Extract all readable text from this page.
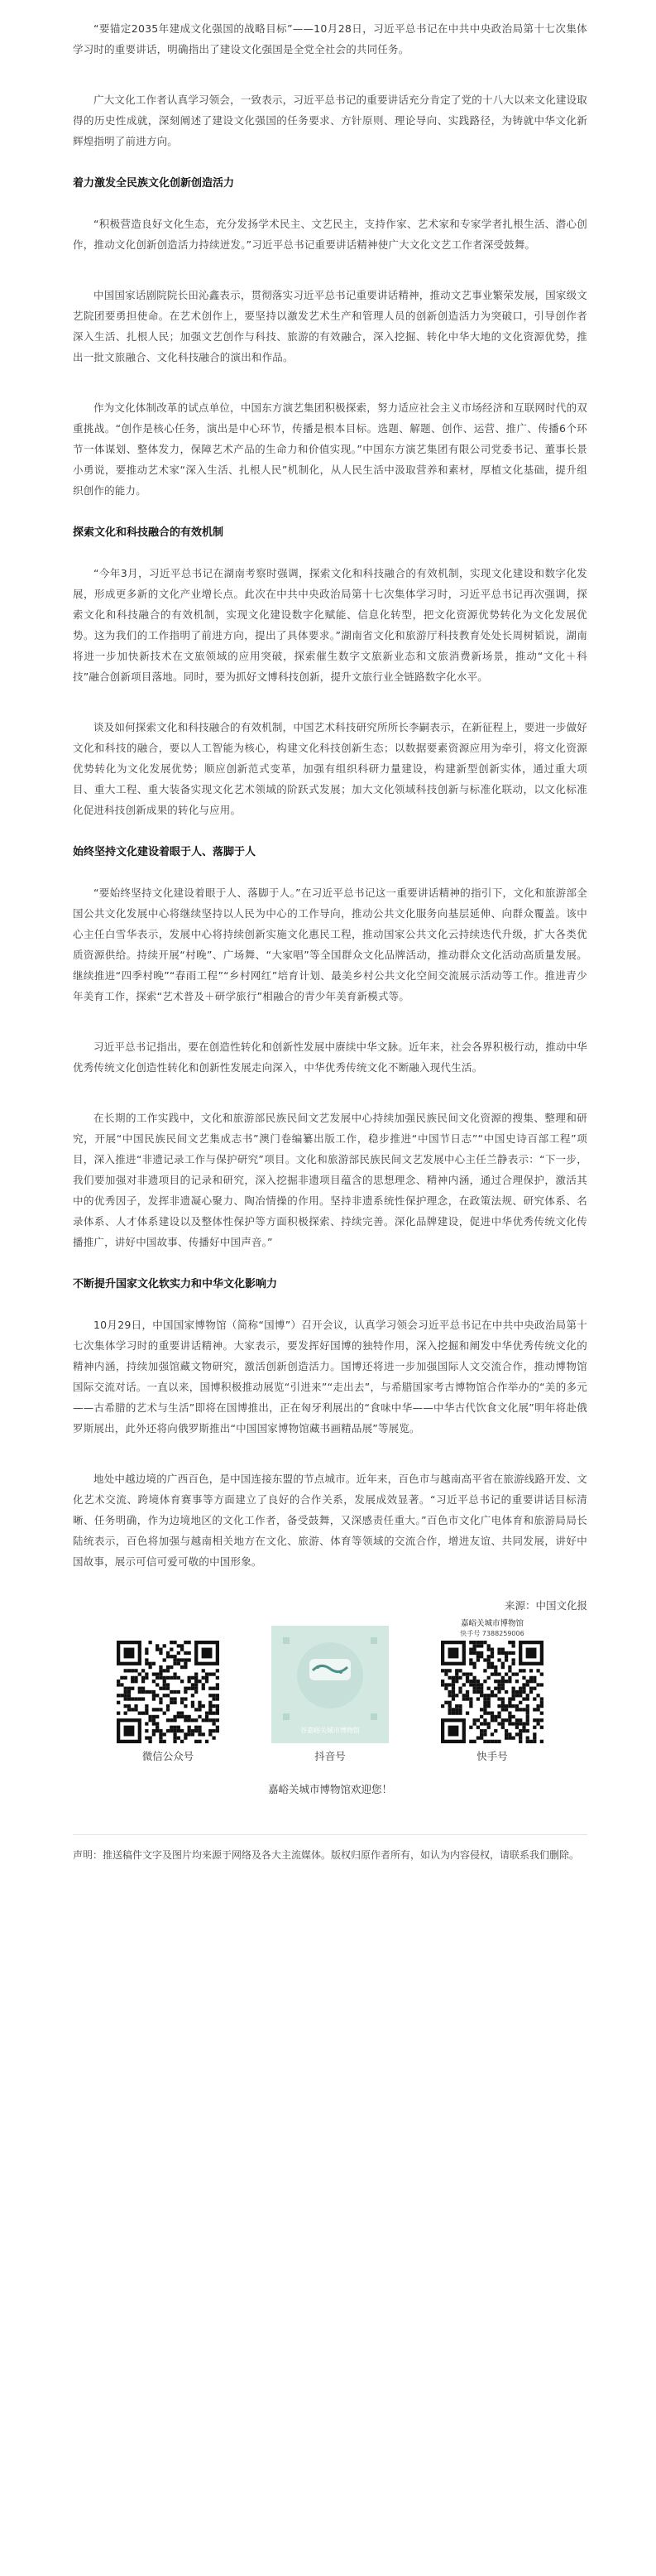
“要锚定2035年建成文化强国的战略目标”——10月28日，习近平总书记在中共中央政治局第十七次集体学习时的重要讲话，明确指出了建设文化强国是全党全社会的共同任务。

广大文化工作者认真学习领会，一致表示，习近平总书记的重要讲话充分肯定了党的十八大以来文化建设取得的历史性成就，深刻阐述了建设文化强国的任务要求、方针原则、理论导向、实践路径，为铸就中华文化新辉煌指明了前进方向。

着力激发全民族文化创新创造活力

“积极营造良好文化生态，充分发扬学术民主、文艺民主，支持作家、艺术家和专家学者扎根生活、潜心创作，推动文化创新创造活力持续迸发。”习近平总书记重要讲话精神使广大文化文艺工作者深受鼓舞。

中国国家话剧院院长田沁鑫表示，贯彻落实习近平总书记重要讲话精神，推动文艺事业繁荣发展，国家级文艺院团要勇担使命。在艺术创作上，要坚持以激发艺术生产和管理人员的创新创造活力为突破口，引导创作者深入生活、扎根人民；加强文艺创作与科技、旅游的有效融合，深入挖掘、转化中华大地的文化资源优势，推出一批文旅融合、文化科技融合的演出和作品。

作为文化体制改革的试点单位，中国东方演艺集团积极探索，努力适应社会主义市场经济和互联网时代的双重挑战。“创作是核心任务，演出是中心环节，传播是根本目标。选题、解题、创作、运营、推广、传播6个环节一体谋划、整体发力，保障艺术产品的生命力和价值实现。”中国东方演艺集团有限公司党委书记、董事长景小勇说，要推动艺术家“深入生活、扎根人民”机制化，从人民生活中汲取营养和素材，厚植文化基础，提升组织创作的能力。

探索文化和科技融合的有效机制

“今年3月，习近平总书记在湖南考察时强调，探索文化和科技融合的有效机制，实现文化建设和数字化发展，形成更多新的文化产业增长点。此次在中共中央政治局第十七次集体学习时，习近平总书记再次强调，探索文化和科技融合的有效机制，实现文化建设数字化赋能、信息化转型，把文化资源优势转化为文化发展优势。这为我们的工作指明了前进方向，提出了具体要求。”湖南省文化和旅游厅科技教育处处长周树韬说，湖南将进一步加快新技术在文旅领域的应用突破，探索催生数字文旅新业态和文旅消费新场景，推动“文化＋科技”融合创新项目落地。同时，要为抓好文博科技创新，提升文旅行业全链路数字化水平。

谈及如何探索文化和科技融合的有效机制，中国艺术科技研究所所长李嗣表示，在新征程上，要进一步做好文化和科技的融合，要以人工智能为核心，构建文化科技创新生态；以数据要素资源应用为牵引，将文化资源优势转化为文化发展优势；顺应创新范式变革，加强有组织科研力量建设，构建新型创新实体，通过重大项目、重大工程、重大装备实现文化艺术领域的阶跃式发展；加大文化领域科技创新与标准化联动，以文化标准化促进科技创新成果的转化与应用。

始终坚持文化建设着眼于人、落脚于人

“要始终坚持文化建设着眼于人、落脚于人。”在习近平总书记这一重要讲话精神的指引下，文化和旅游部全国公共文化发展中心将继续坚持以人民为中心的工作导向，推动公共文化服务向基层延伸、向群众覆盖。该中心主任白雪华表示，发展中心将持续创新实施文化惠民工程，推动国家公共文化云持续迭代升级，扩大各类优质资源供给。持续开展“村晚”、广场舞、“大家唱”等全国群众文化品牌活动，推动群众文化活动高质量发展。继续推进“四季村晚”“春雨工程”“乡村网红”培育计划、最美乡村公共文化空间交流展示活动等工作。推进青少年美育工作，探索“艺术普及＋研学旅行”相融合的青少年美育新模式等。

习近平总书记指出，要在创造性转化和创新性发展中赓续中华文脉。近年来，社会各界积极行动，推动中华优秀传统文化创造性转化和创新性发展走向深入，中华优秀传统文化不断融入现代生活。

在长期的工作实践中，文化和旅游部民族民间文艺发展中心持续加强民族民间文化资源的搜集、整理和研究，开展“中国民族民间文艺集成志书”澳门卷编纂出版工作，稳步推进“中国节日志”“中国史诗百部工程”项目，深入推进“非遗记录工作与保护研究”项目。文化和旅游部民族民间文艺发展中心主任兰静表示：“下一步，我们要加强对非遗项目的记录和研究，深入挖掘非遗项目蕴含的思想理念、精神内涵，通过合理保护，激活其中的优秀因子，发挥非遗凝心聚力、陶冶情操的作用。坚持非遗系统性保护理念，在政策法规、研究体系、名录体系、人才体系建设以及整体性保护等方面积极探索、持续完善。深化品牌建设，促进中华优秀传统文化传播推广，讲好中国故事、传播好中国声音。”

不断提升国家文化软实力和中华文化影响力

10月29日，中国国家博物馆（简称“国博”）召开会议，认真学习领会习近平总书记在中共中央政治局第十七次集体学习时的重要讲话精神。大家表示，要发挥好国博的独特作用，深入挖掘和阐发中华优秀传统文化的精神内涵，持续加强馆藏文物研究，激活创新创造活力。国博还将进一步加强国际人文交流合作，推动博物馆国际交流对话。一直以来，国博积极推动展览“引进来”“走出去”，与希腊国家考古博物馆合作举办的“美的多元——古希腊的艺术与生活”即将在国博推出，正在匈牙利展出的“食味中华——中华古代饮食文化展”明年将赴俄罗斯展出，此外还将向俄罗斯推出“中国国家博物馆藏书画精品展”等展览。

地处中越边境的广西百色，是中国连接东盟的节点城市。近年来，百色市与越南高平省在旅游线路开发、文化艺术交流、跨境体育赛事等方面建立了良好的合作关系，发展成效显著。“习近平总书记的重要讲话目标清晰、任务明确，作为边境地区的文化工作者，备受鼓舞，又深感责任重大。”百色市文化广电体育和旅游局局长陆统表示，百色将加强与越南相关地方在文化、旅游、体育等领域的交流合作，增进友谊、共同发展，讲好中国故事，展示可信可爱可敬的中国形象。

来源：中国文化报
微信公众号
谷嘉峪关城市博物馆
抖音号
嘉峪关城市博物馆
快手号 7388259006
快手号
嘉峪关城市博物馆欢迎您！

声明：推送稿件文字及图片均来源于网络及各大主流媒体。版权归原作者所有，如认为内容侵权，请联系我们删除。
